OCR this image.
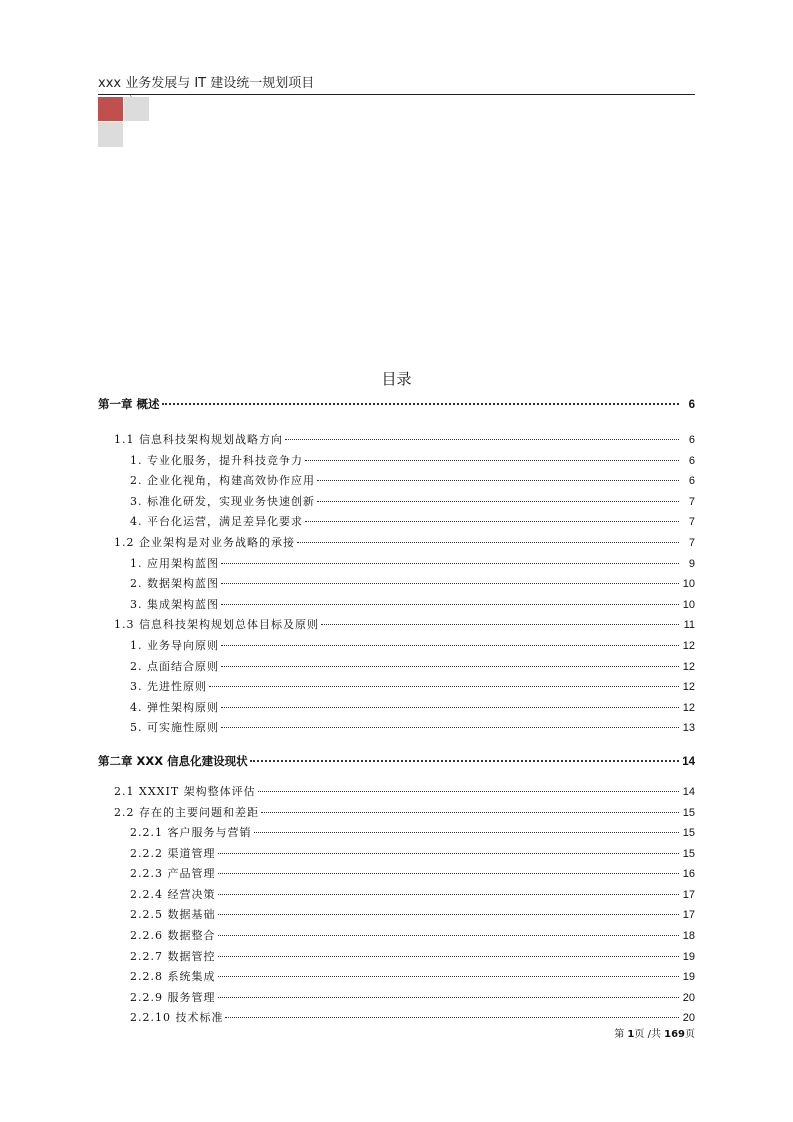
xxx 业务发展与 IT 建设统一规划项目
`
目录
第一章 概述	6
1.1 信息科技架构规划战略方向	6
1. 专业化服务，提升科技竞争力	6
2. 企业化视角，构建高效协作应用	6
3. 标准化研发，实现业务快速创新	7
4. 平台化运营，满足差异化要求	7
1.2 企业架构是对业务战略的承接	7
1. 应用架构蓝图	9
2. 数据架构蓝图	10
3. 集成架构蓝图	10
1.3 信息科技架构规划总体目标及原则	11
1. 业务导向原则	12
2. 点面结合原则	12
3. 先进性原则	12
4. 弹性架构原则	12
5. 可实施性原则	13
第二章 XXX 信息化建设现状	14
2.1 XXXIT 架构整体评估	14
2.2 存在的主要问题和差距	15
2.2.1 客户服务与营销	15
2.2.2 渠道管理	15
2.2.3 产品管理	16
2.2.4 经营决策	17
2.2.5 数据基础	17
2.2.6 数据整合	18
2.2.7 数据管控	19
2.2.8 系统集成	19
2.2.9 服务管理	20
2.2.10 技术标准	20
第 1页 /共 169页
